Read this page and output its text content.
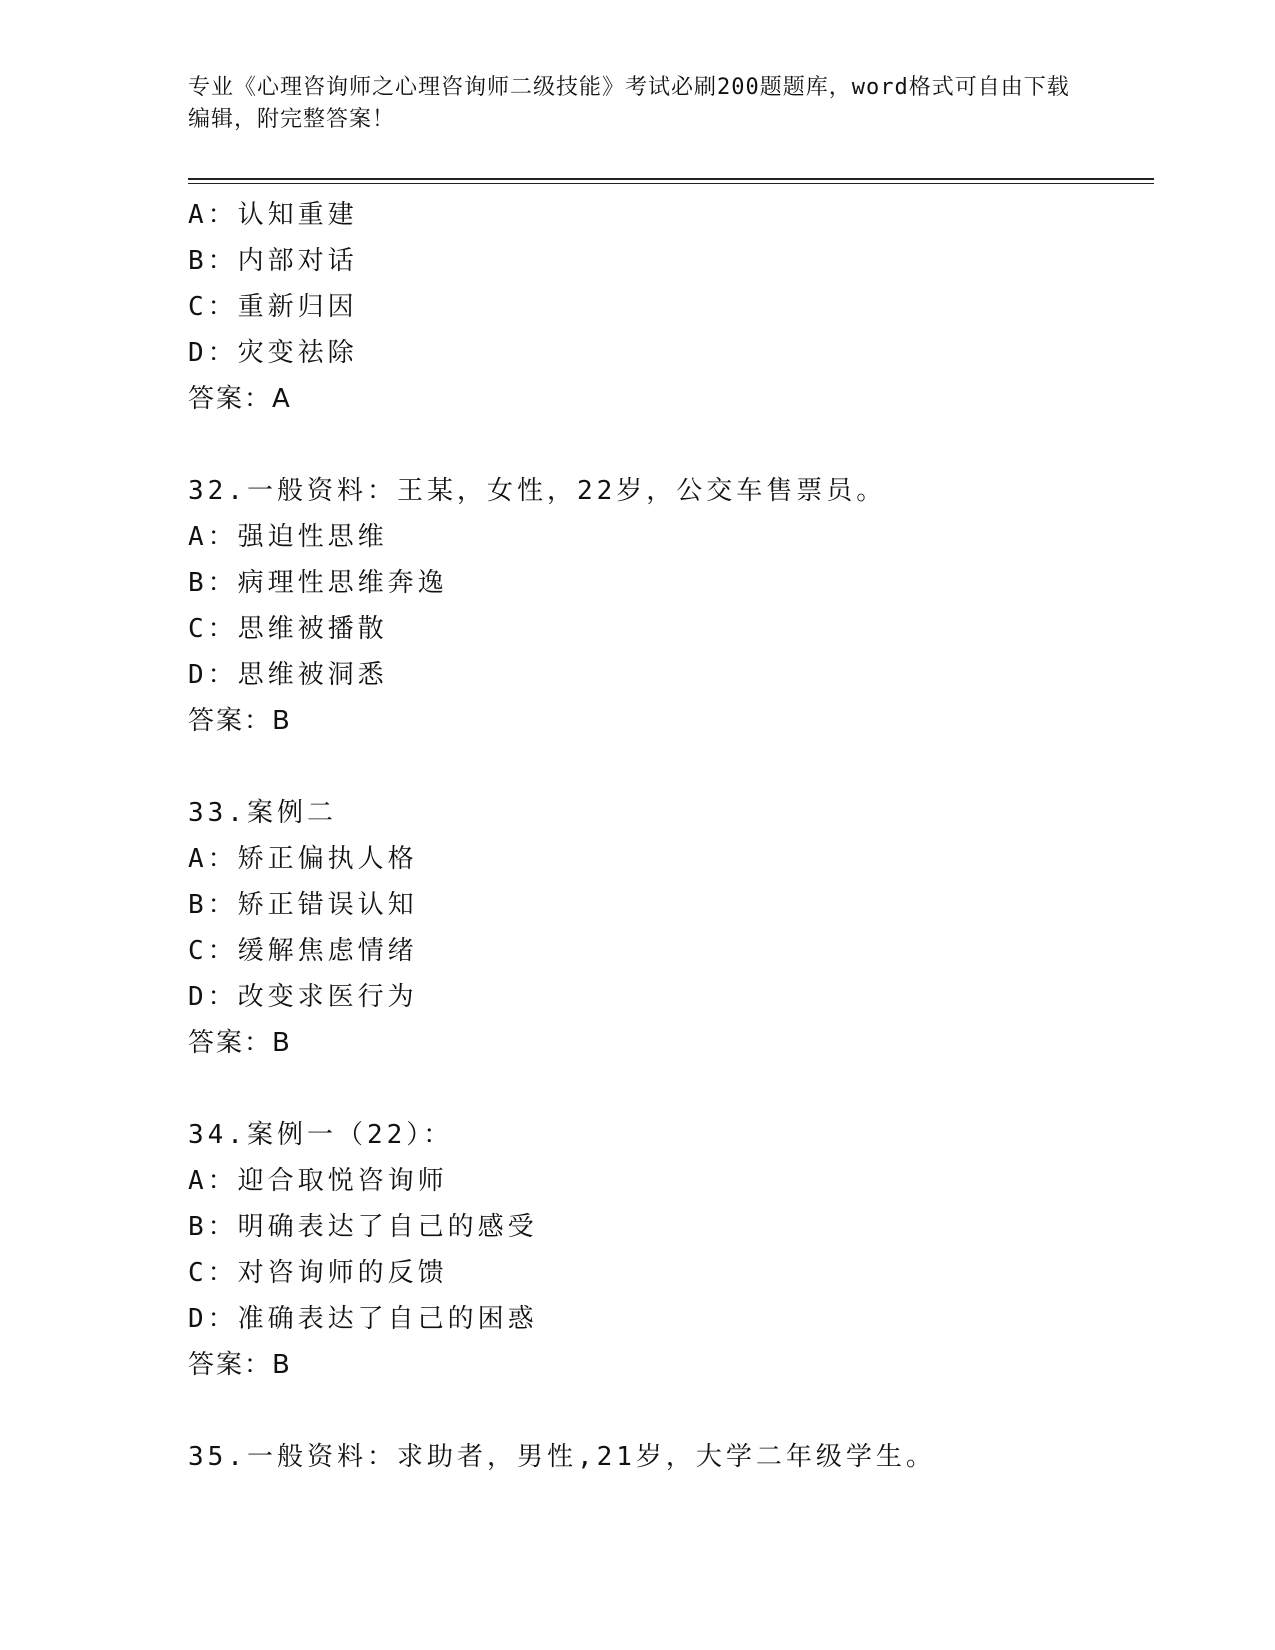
专业《心理咨询师之心理咨询师二级技能》考试必刷200题题库，word格式可自由下载编辑，附完整答案！
A：认知重建
B：内部对话
C：重新归因
D：灾变祛除
答案：A
32.一般资料：王某，女性，22岁，公交车售票员。
A：强迫性思维
B：病理性思维奔逸
C：思维被播散
D：思维被洞悉
答案：B
33.案例二
A：矫正偏执人格
B：矫正错误认知
C：缓解焦虑情绪
D：改变求医行为
答案：B
34.案例一（22）：
A：迎合取悦咨询师
B：明确表达了自己的感受
C：对咨询师的反馈
D：准确表达了自己的困惑
答案：B
35.一般资料：求助者，男性,21岁，大学二年级学生。
